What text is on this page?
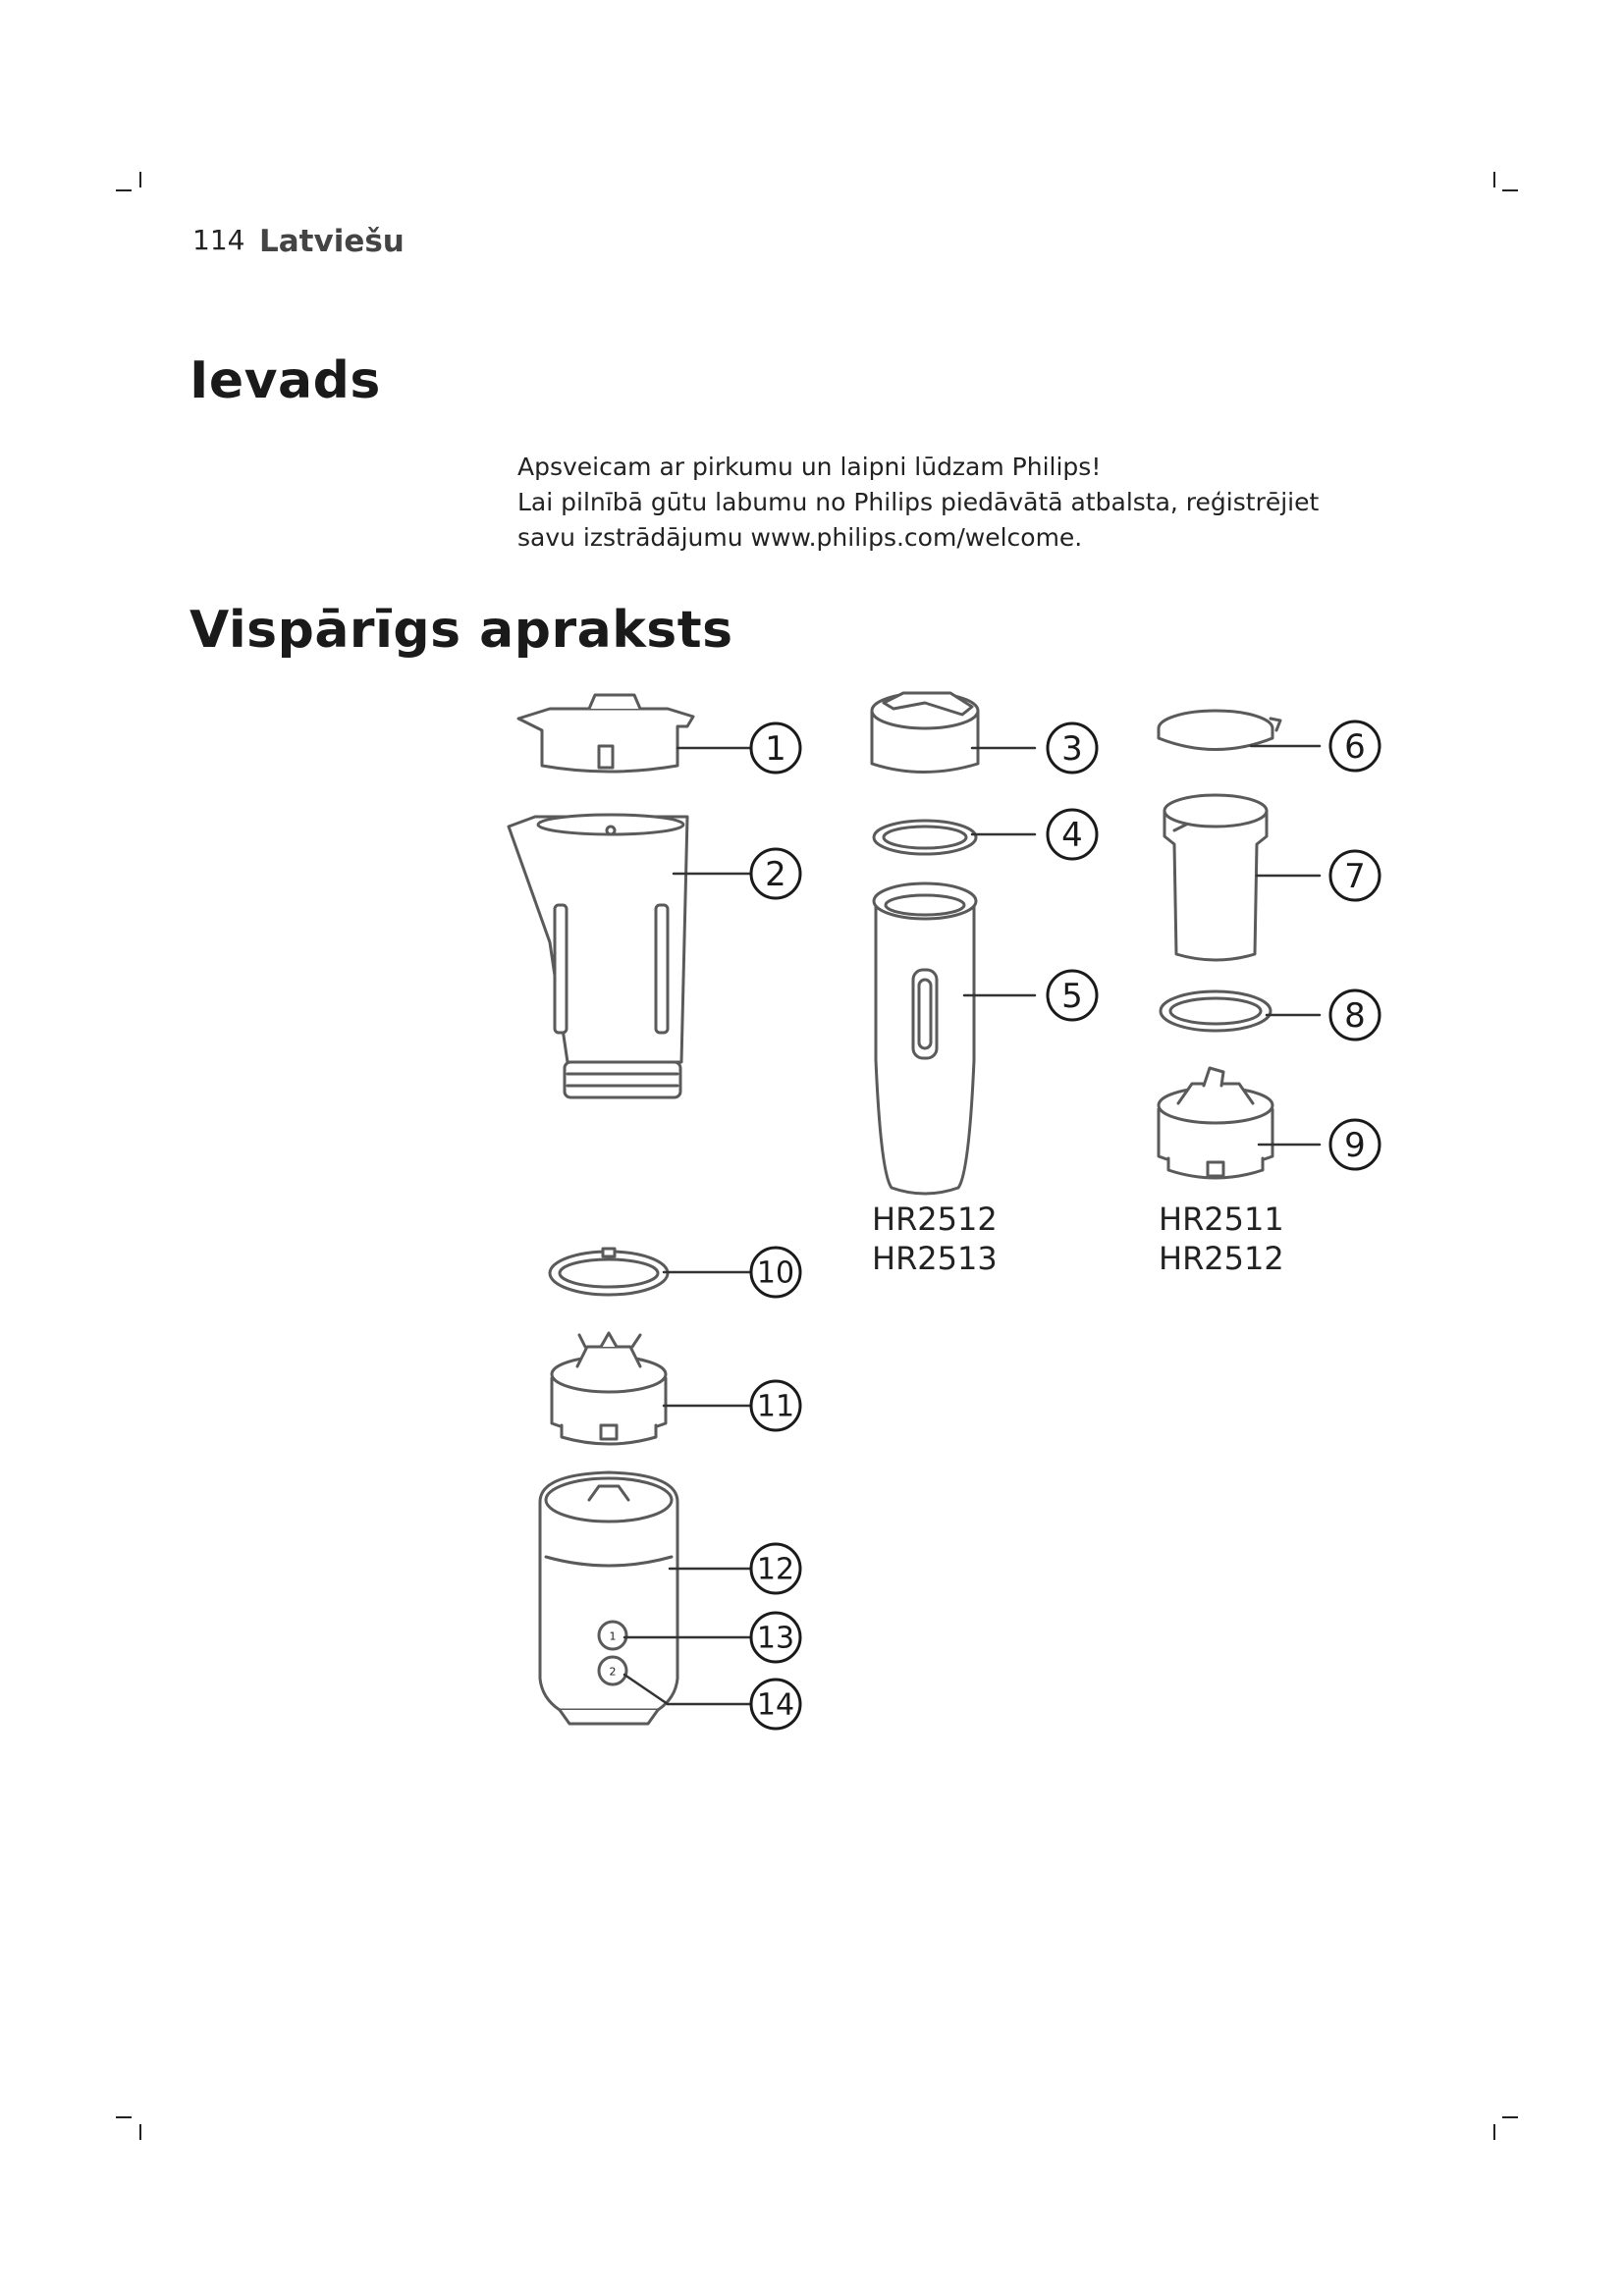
114 Latviešu
Ievads

Apsveicam ar pirkumu un laipni lūdzam Philips!

Lai pilnībā gūtu labumu no Philips piedāvātā atbalsta, reģistrējiet savu izstrādājumu www.philips.com/welcome.

Vispārīgs apraksts
1
2
3
4
5
6
7
8
9
10
11
12
13
14
1
2
HR2512
HR2513
HR2511
HR2512
